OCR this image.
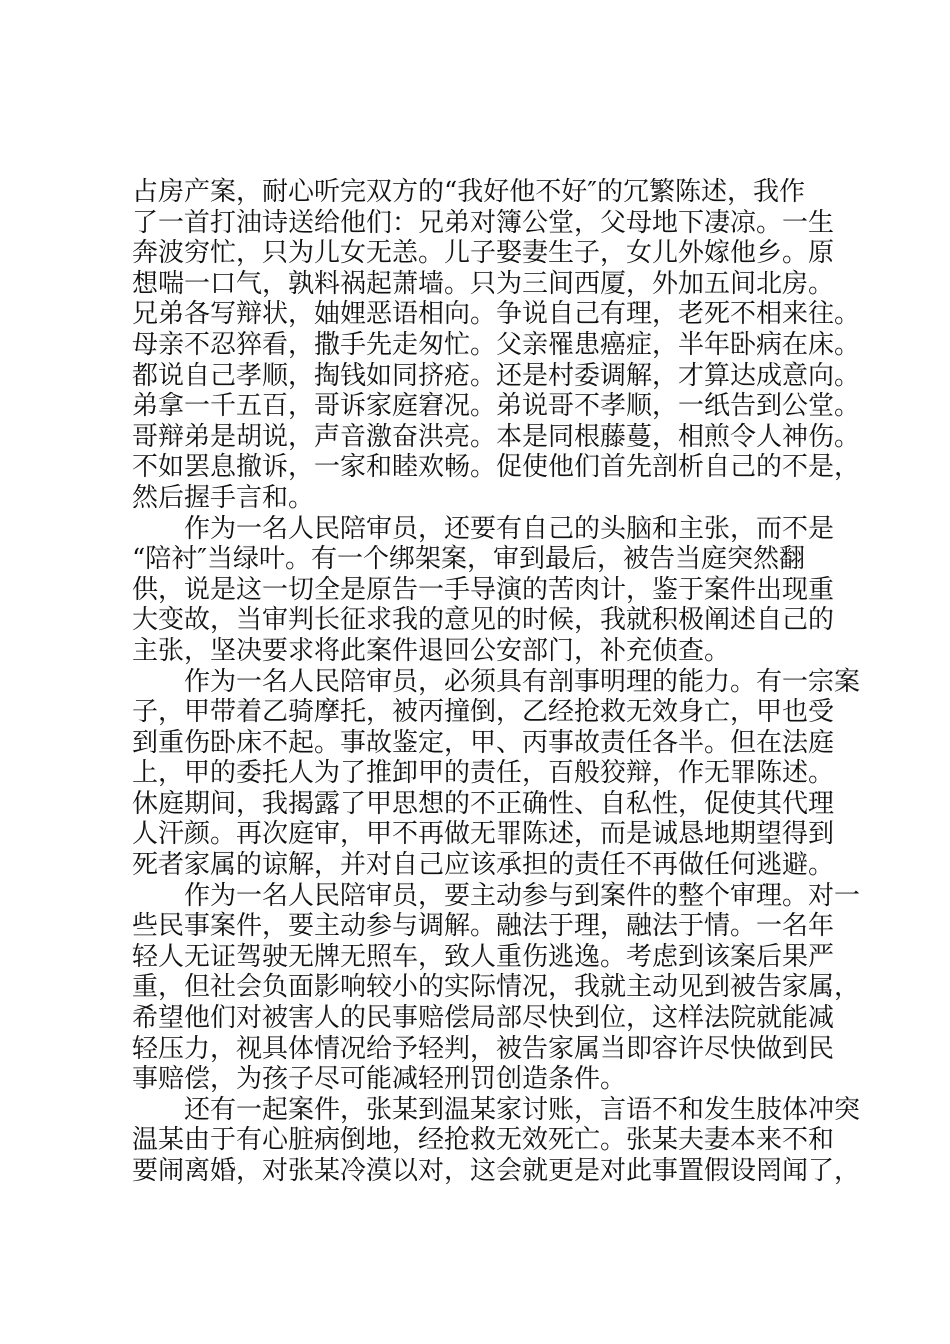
占房产案，耐心听完双方的“我好他不好″的冗繁陈述，我作
了一首打油诗送给他们：兄弟对簿公堂，父母地下凄凉。一生
奔波穷忙，只为儿女无恙。儿子娶妻生子，女儿外嫁他乡。原
想喘一口气，孰料祸起萧墙。只为三间西厦，外加五间北房。
兄弟各写辩状，妯娌恶语相向。争说自己有理，老死不相来往。
母亲不忍猝看，撒手先走匆忙。父亲罹患癌症，半年卧病在床。
都说自己孝顺，掏钱如同挤疮。还是村委调解，才算达成意向。
弟拿一千五百，哥诉家庭窘况。弟说哥不孝顺，一纸告到公堂。
哥辩弟是胡说，声音激奋洪亮。本是同根藤蔓，相煎令人神伤。
不如罢息撤诉，一家和睦欢畅。促使他们首先剖析自己的不是，
然后握手言和。
　　作为一名人民陪审员，还要有自己的头脑和主张，而不是
“陪衬″当绿叶。有一个绑架案，审到最后，被告当庭突然翻
供，说是这一切全是原告一手导演的苦肉计，鉴于案件出现重
大变故，当审判长征求我的意见的时候，我就积极阐述自己的
主张，坚决要求将此案件退回公安部门，补充侦查。
　　作为一名人民陪审员，必须具有剖事明理的能力。有一宗案
子，甲带着乙骑摩托，被丙撞倒，乙经抢救无效身亡，甲也受
到重伤卧床不起。事故鉴定，甲、丙事故责任各半。但在法庭
上，甲的委托人为了推卸甲的责任，百般狡辩，作无罪陈述。
休庭期间，我揭露了甲思想的不正确性、自私性，促使其代理
人汗颜。再次庭审，甲不再做无罪陈述，而是诚恳地期望得到
死者家属的谅解，并对自己应该承担的责任不再做任何逃避。
　　作为一名人民陪审员，要主动参与到案件的整个审理。对一
些民事案件，要主动参与调解。融法于理，融法于情。一名年
轻人无证驾驶无牌无照车，致人重伤逃逸。考虑到该案后果严
重，但社会负面影响较小的实际情况，我就主动见到被告家属，
希望他们对被害人的民事赔偿局部尽快到位，这样法院就能减
轻压力，视具体情况给予轻判，被告家属当即容许尽快做到民
事赔偿，为孩子尽可能减轻刑罚创造条件。
　　还有一起案件，张某到温某家讨账，言语不和发生肢体冲突
温某由于有心脏病倒地，经抢救无效死亡。张某夫妻本来不和
要闹离婚，对张某冷漠以对，这会就更是对此事置假设罔闻了，
